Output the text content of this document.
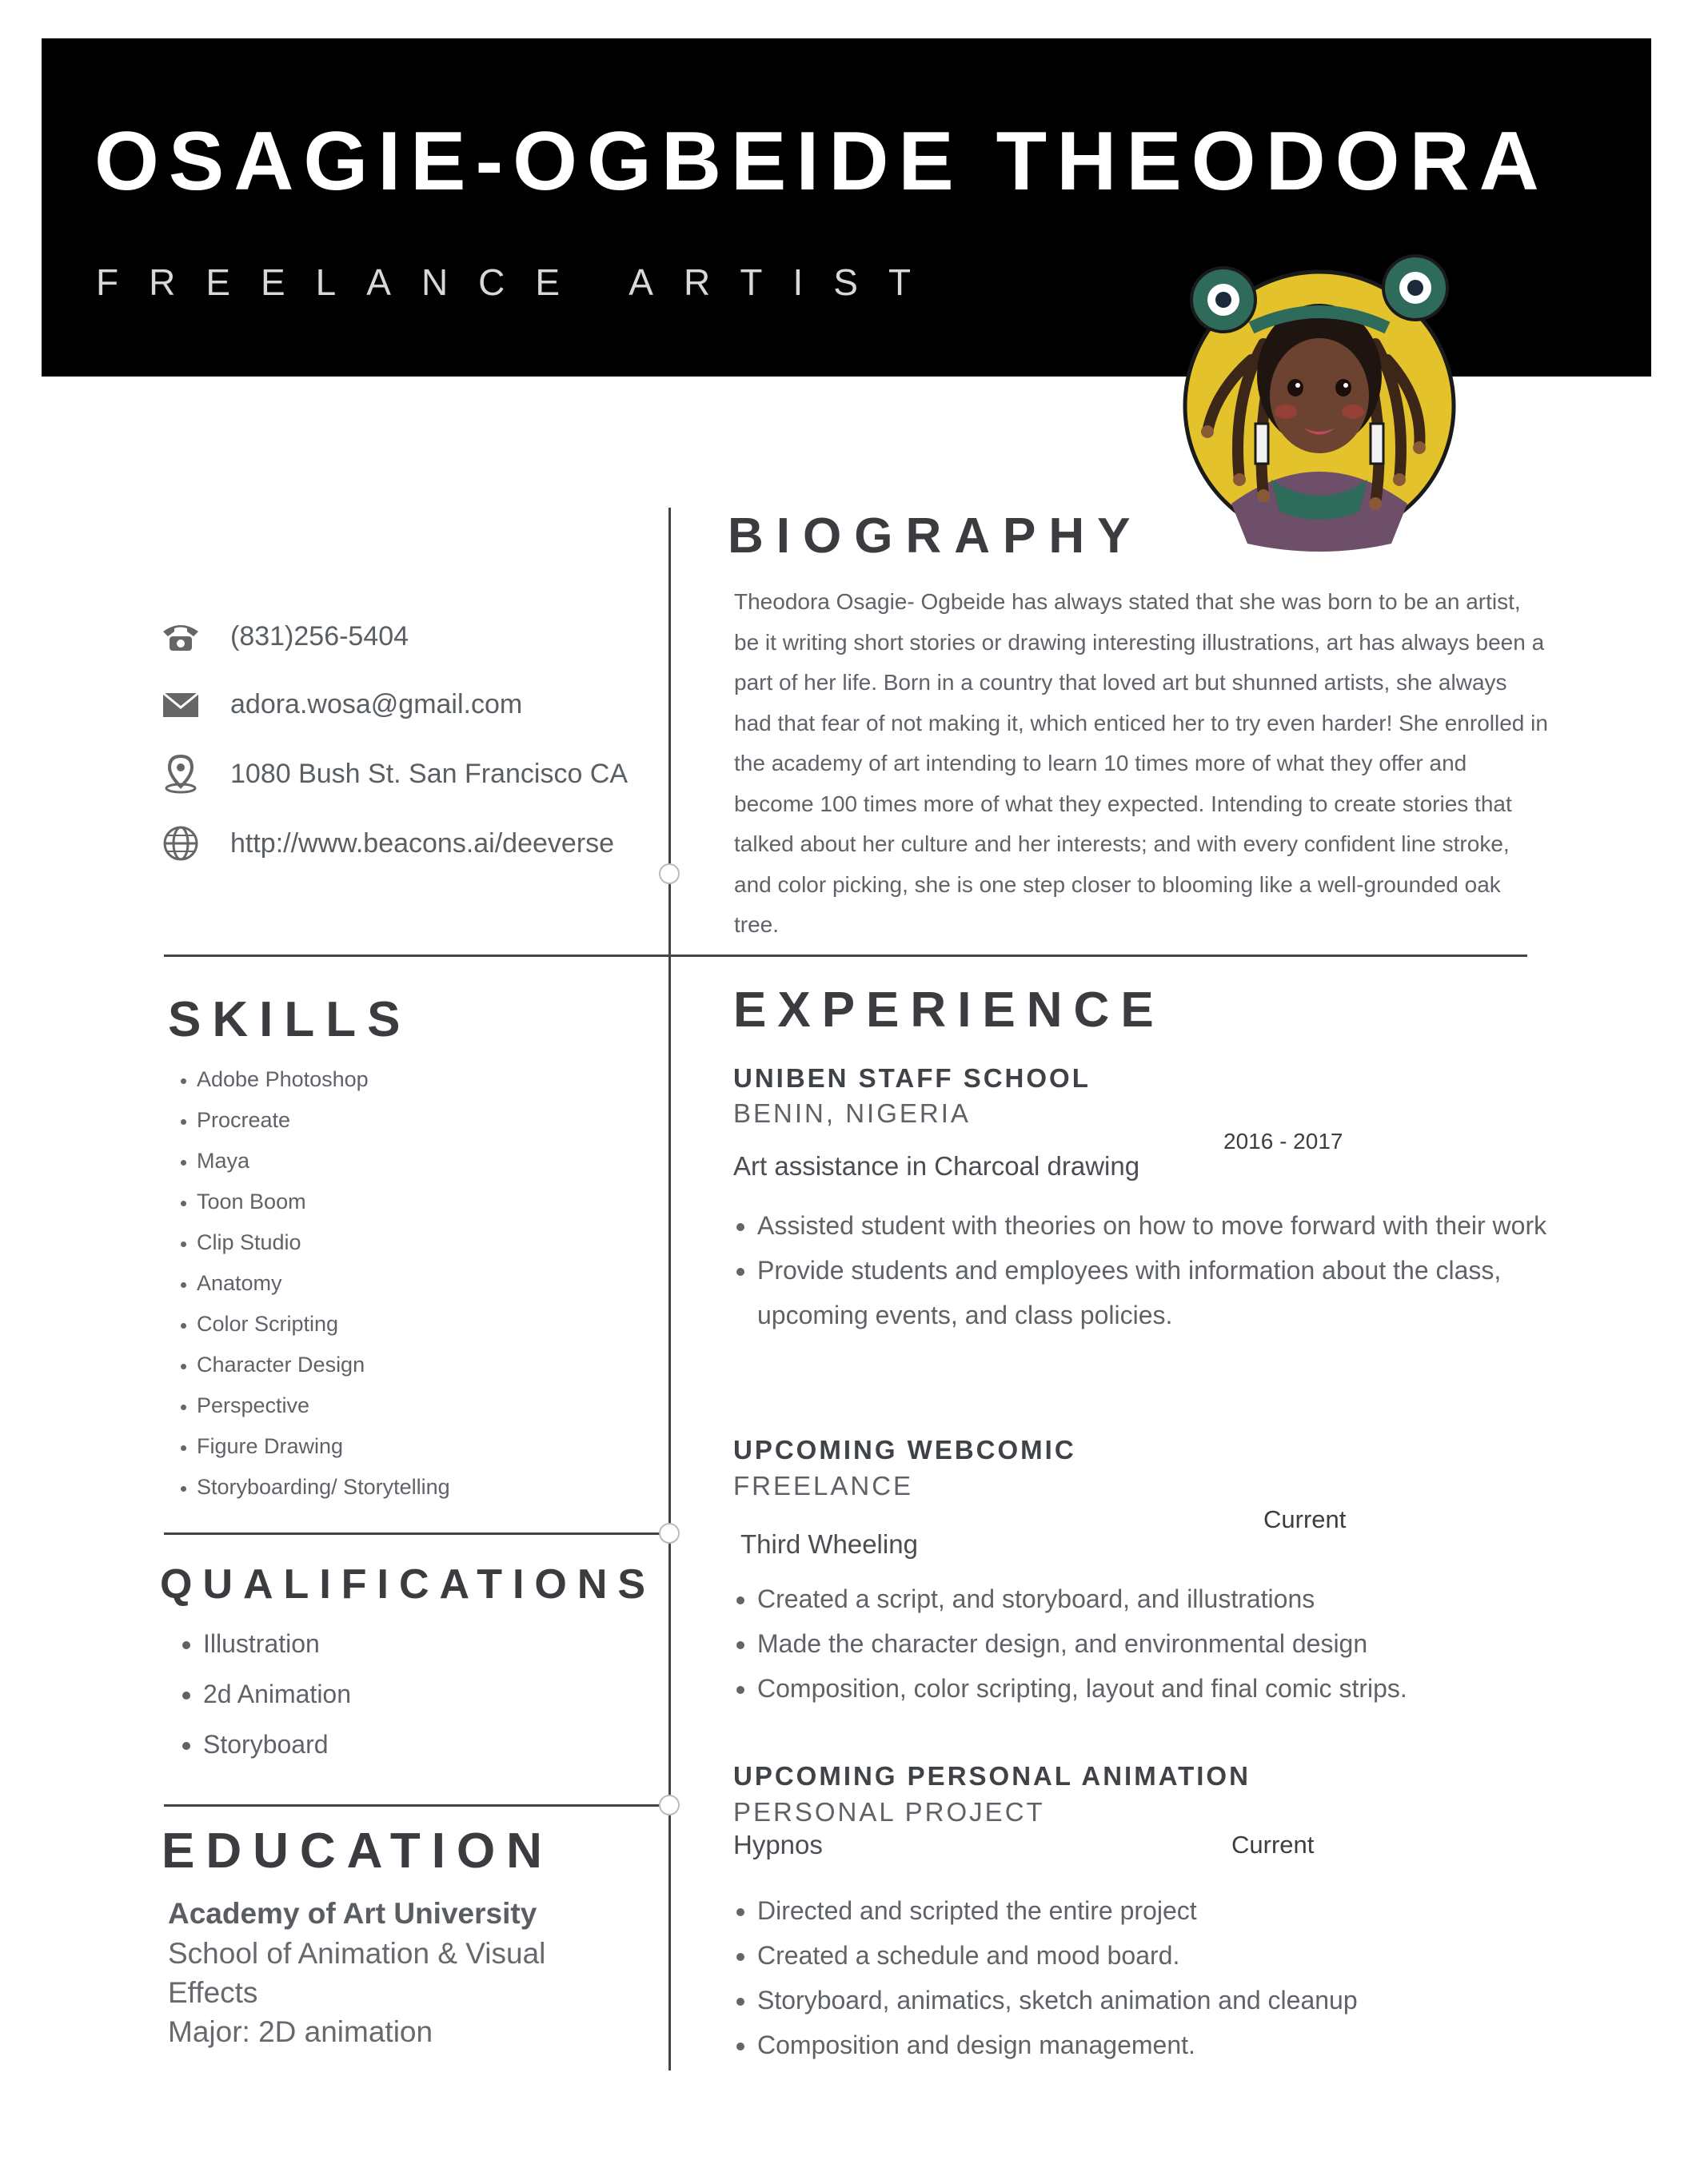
OSAGIE-OGBEIDE THEODORA
FREELANCE ARTIST
(831)256-5404
adora.wosa@gmail.com
1080 Bush St. San Francisco CA
http://www.beacons.ai/deeverse
BIOGRAPHY
Theodora Osagie- Ogbeide has always stated that she was born to be an artist, be it writing short stories or drawing interesting illustrations, art has always been a part of her life. Born in a country that loved art but shunned artists, she always had that fear of not making it, which enticed her to try even harder! She enrolled in the academy of art intending to learn 10 times more of what they offer and become 100 times more of what they expected. Intending to create stories that talked about her culture and her interests; and with every confident line stroke, and color picking, she is one step closer to blooming like a well-grounded oak tree.
SKILLS
• Adobe Photoshop
• Procreate
• Maya
• Toon Boom
• Clip Studio
• Anatomy
• Color Scripting
• Character Design
• Perspective
• Figure Drawing
• Storyboarding/ Storytelling
QUALIFICATIONS
• Illustration
• 2d Animation
• Storyboard
EDUCATION
Academy of Art University
School of Animation & Visual
Effects
Major: 2D animation
EXPERIENCE
UNIBEN STAFF SCHOOL
BENIN, NIGERIA
2016 - 2017
Art assistance in Charcoal drawing
• Assisted student with theories on how to move forward with their work
• Provide students and employees with information about the class, upcoming events, and class policies.
UPCOMING WEBCOMIC
FREELANCE
Current
Third Wheeling
• Created a script, and storyboard, and illustrations
• Made the character design, and environmental design
• Composition, color scripting, layout and final comic strips.
UPCOMING PERSONAL ANIMATION
PERSONAL PROJECT
Hypnos	Current
• Directed and scripted the entire project
• Created a schedule and mood board.
• Storyboard, animatics, sketch animation and cleanup
• Composition and design management.
